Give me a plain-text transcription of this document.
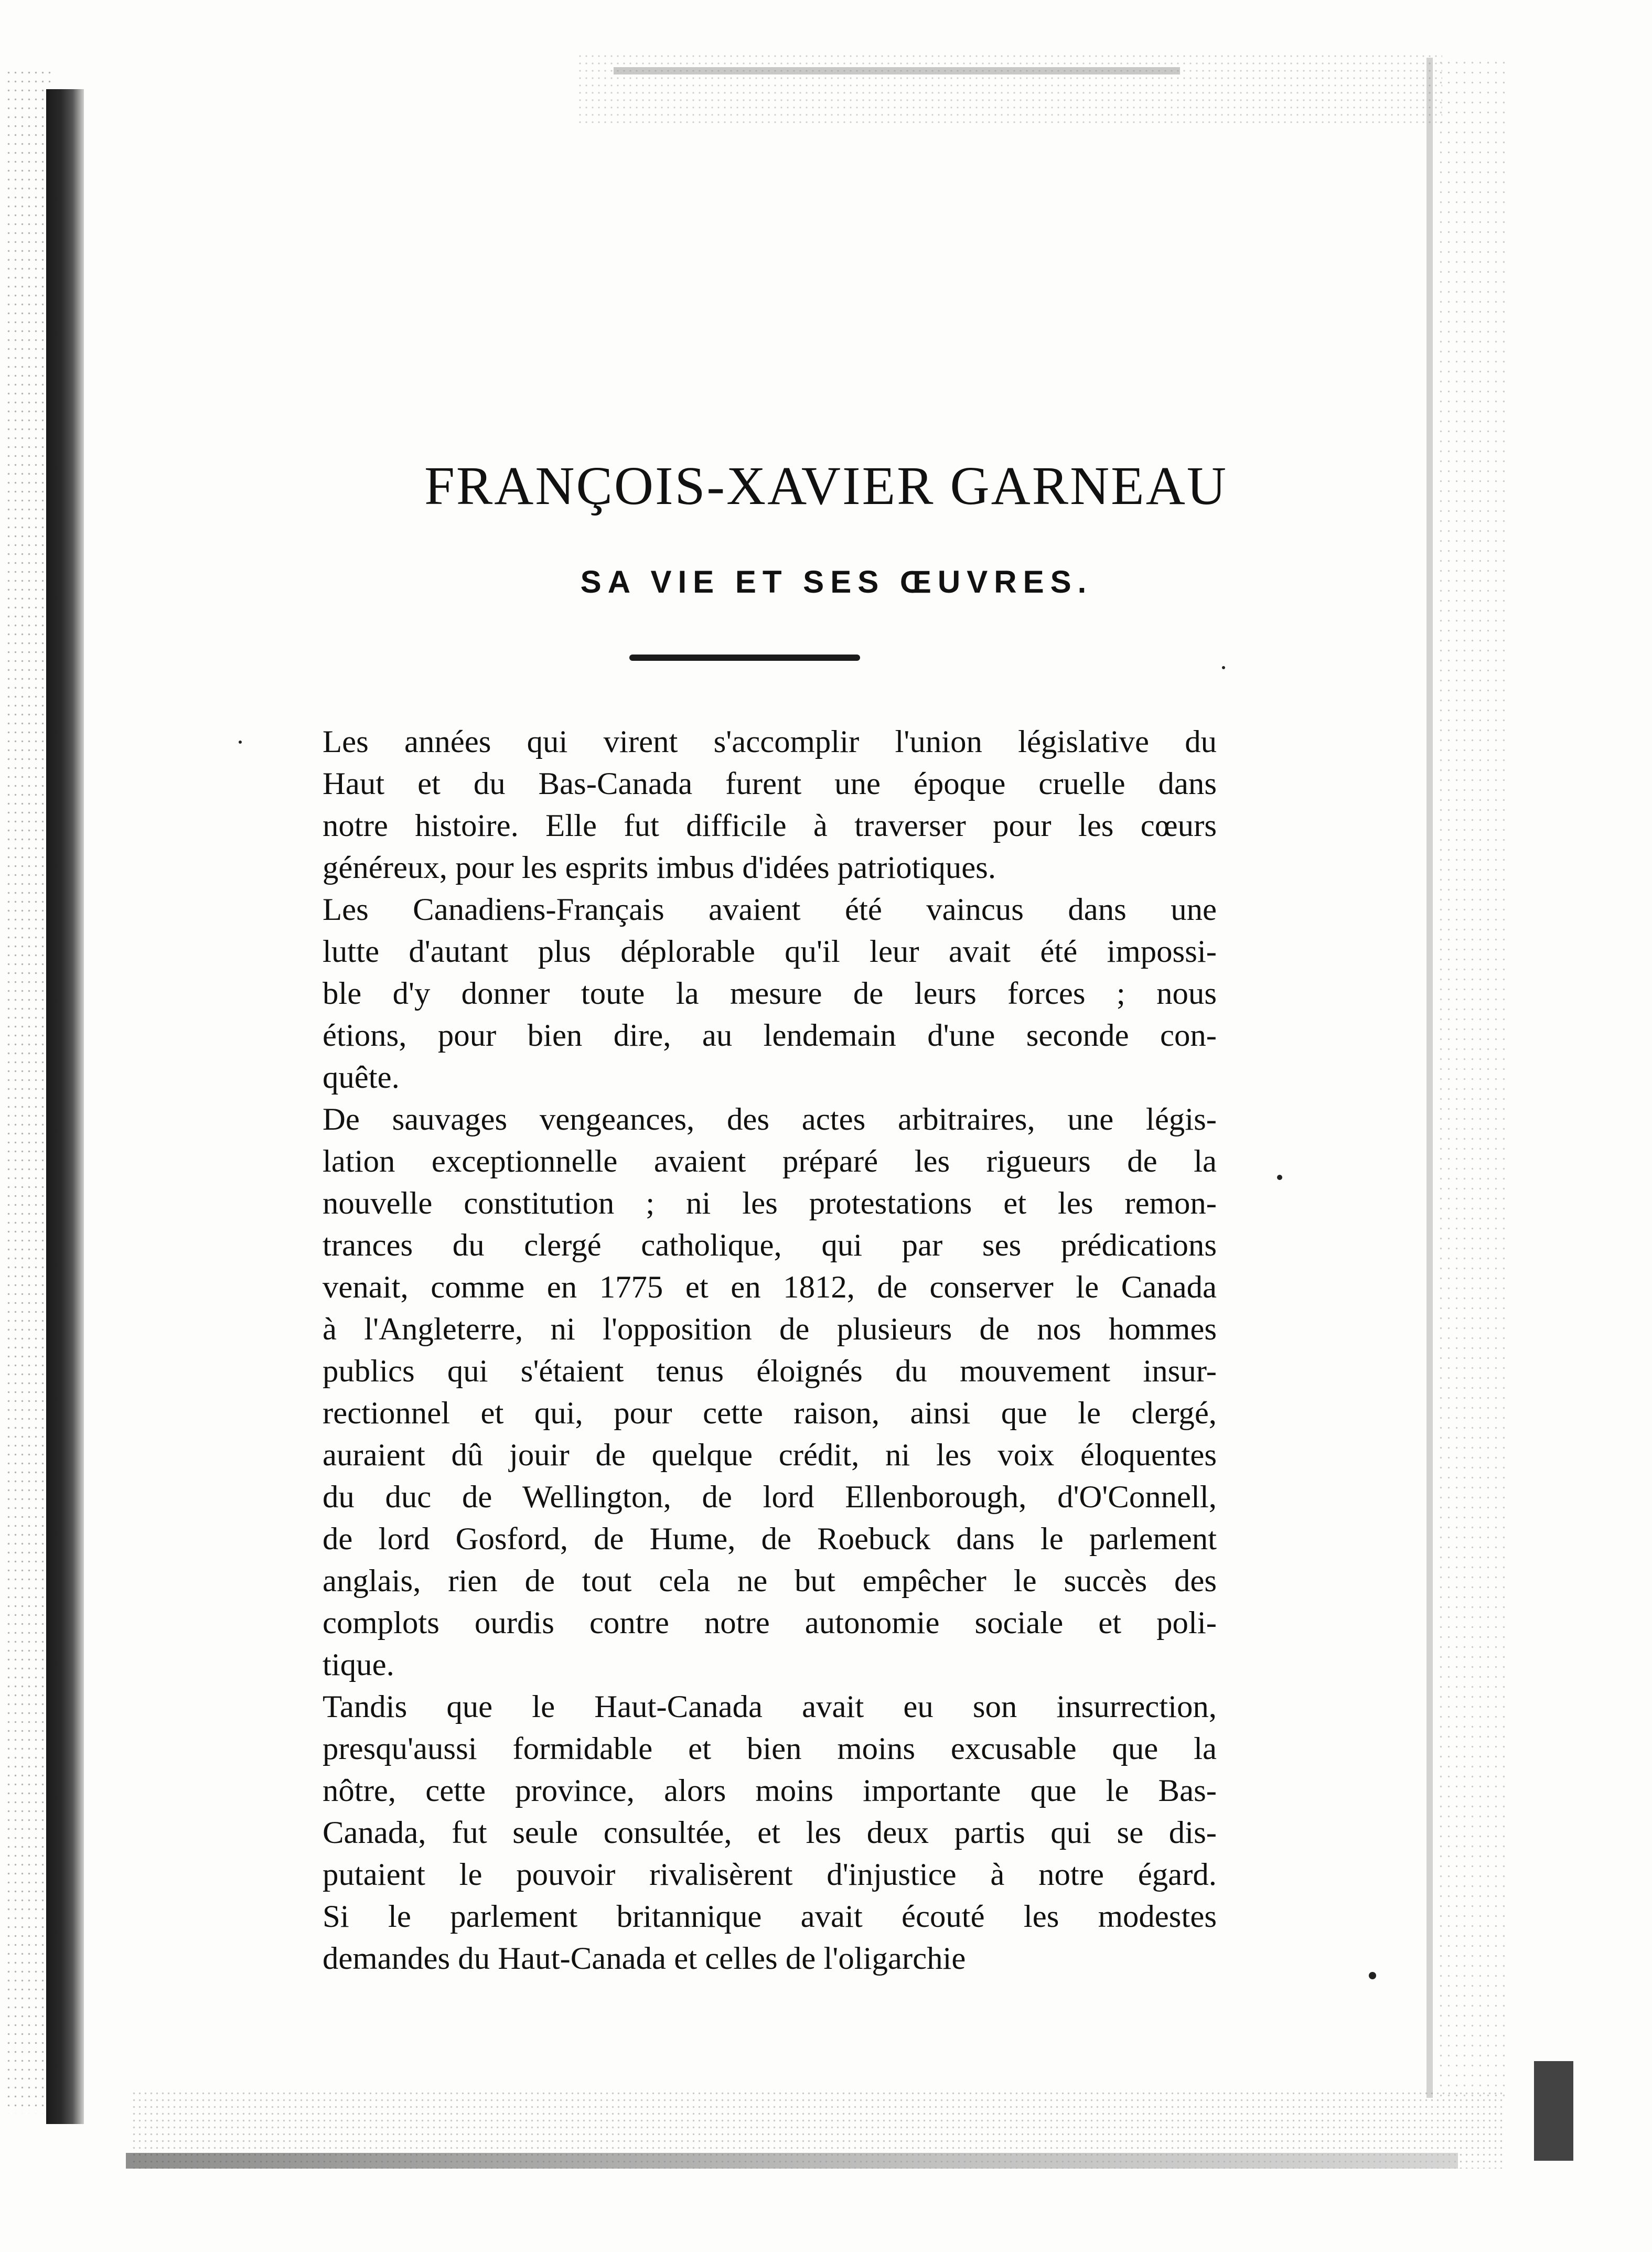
FRANÇOIS-XAVIER GARNEAU
SA VIE ET SES ŒUVRES.

Les années qui virent s'accomplir l'union législative du
Haut et du Bas-Canada furent une époque cruelle dans
notre histoire. Elle fut difficile à traverser pour les cœurs
généreux, pour les esprits imbus d'idées patriotiques.

Les Canadiens-Français avaient été vaincus dans une
lutte d'autant plus déplorable qu'il leur avait été impossi-
ble d'y donner toute la mesure de leurs forces ; nous
étions, pour bien dire, au lendemain d'une seconde con-
quête.

De sauvages vengeances, des actes arbitraires, une légis-
lation exceptionnelle avaient préparé les rigueurs de la
nouvelle constitution ; ni les protestations et les remon-
trances du clergé catholique, qui par ses prédications
venait, comme en 1775 et en 1812, de conserver le Canada
à l'Angleterre, ni l'opposition de plusieurs de nos hommes
publics qui s'étaient tenus éloignés du mouvement insur-
rectionnel et qui, pour cette raison, ainsi que le clergé,
auraient dû jouir de quelque crédit, ni les voix éloquentes
du duc de Wellington, de lord Ellenborough, d'O'Connell,
de lord Gosford, de Hume, de Roebuck dans le parlement
anglais, rien de tout cela ne but empêcher le succès des
complots ourdis contre notre autonomie sociale et poli-
tique.

Tandis que le Haut-Canada avait eu son insurrection,
presqu'aussi formidable et bien moins excusable que la
nôtre, cette province, alors moins importante que le Bas-
Canada, fut seule consultée, et les deux partis qui se dis-
putaient le pouvoir rivalisèrent d'injustice à notre égard.
Si le parlement britannique avait écouté les modestes
demandes du Haut-Canada et celles de l'oligarchie
